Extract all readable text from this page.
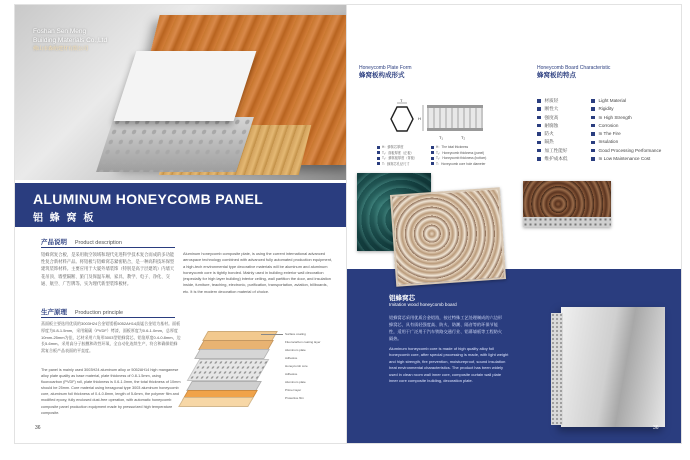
Foshan Sen Meng
Building Materials Co.,Ltd
佛山市森萌建材有限公司
ALUMINUM HONEYCOMB PANEL
铝 蜂 窝 板
产品说明 Product description
铝蜂窝复合板，是采用航空领域和现代先进科学技术复合而成的多功能性复合新材料产品。将铝板与铝蜂窝芯紧密粘合，是一种高科技环保型建筑装饰材料。主要应用于大厦外墙装饰（特别是高于层建筑）内墙天花吊顶、墙壁隔断、旅门及保温车厢、家具、教学、电子、净化、交通、航空、广告牌等。实为理代新型装饰板材。
Aluminum honeycomb composite plate, is using the current international advanced aerospace technology combined with advanced fully automated production equipment, a high-tech environmental type decorative materials will be aluminum and aluminum honeycomb core is tightly bonded. Mainly used in building exterior wall decoration (especially for high layer building) interior ceiling, wall partition the door, and insulation inside, furniture, teaching, electronic, purification, transportation, aviation, billboards, etc. It is the modern decoration material of choice.
生产原理 Production principle
蒸面板主要选用优质的3003H24合金铝镁板5052AH14高锰合金铝为基材。面板厚度为0.8-1.5mm，采用氟碳（PVDF）烤漆，面板厚度为0.6-1.0mm，总厚度10mm-25mm为佳，芯材采用六角形3003型铝蜂窝芯，铝箔厚度0.4-0.8mm，边长5-6mm。采用高分子胶膜和改性环氧，全自动化连续生产，符合和确保铝蜂窝复合板产品表面的平直度。
The panel is mainly used 3003H24 aluminum alloy or 5052AH14 high manganese alloy plate quality as base material, plate thickness of 0.8-1.5mm, using fluorocarbon (PVDF) roll, plate thickness is 0.6-1.0mm, the total thickness of 10mm should be 25mm. Core material using hexagonal type 3003 aluminum honeycomb core, aluminum foil thickness of 0.4-0.8mm, length of 5-6mm, the polymer film and modified epoxy, fully enclosed dust-free operation, with automatic honeycomb composite panel production equipment made by pressurized high temperature composite.
Surface coating
Fluorocarbon coating layer
Aluminum plate
Adhesive
Honeycomb core
Adhesive
Aluminum plate
Primer layer
Protective film
36
Honeycomb Plate Form
蜂窝板构成形式
T
H
T₁	T₂
H：蜂窝芯厚度
T₁：面板厚度（正板）
T₂：蜂窝板厚度（背板）
T：蜂窝芯孔径尺寸
H：The total thickness
T₁：Honeycomb thickness (panel)
T₂：Honeycomb thickness (bottom)
T：Honeycomb core hole diameter
Honeycomb Board Characteristic
蜂窝板的特点
材质轻
刚性大
强度高
耐腐蚀
防火
隔热
加工性能好
维护成本低
Light Material
Rigidity
In High Strength
Corrosion
In The Fire
Insulation
Good Processing Performance
In Low Maintenance Cost
铝蜂窝芯
Imitation wood honeycomb board
铝蜂窝芯采用优质合金铝箔，按过特殊工艺处理制成的六边形蜂窝芯，具有质轻强度高、防火、防潮、隔音等的环保节能性，适用于广泛用于汽车铁路交通行业、铝幕墙板等工程防火隔热。
Aluminum honeycomb core is made of high quality alloy foil honeycomb core, after special processing is made, with light weight and high strength, fire prevention, moistureproof, sound insulation heat environmental characteristics. The product has been widely used in clean room wall inner core, composite curtain wall plate inner core composite building, decoration plate.
36
